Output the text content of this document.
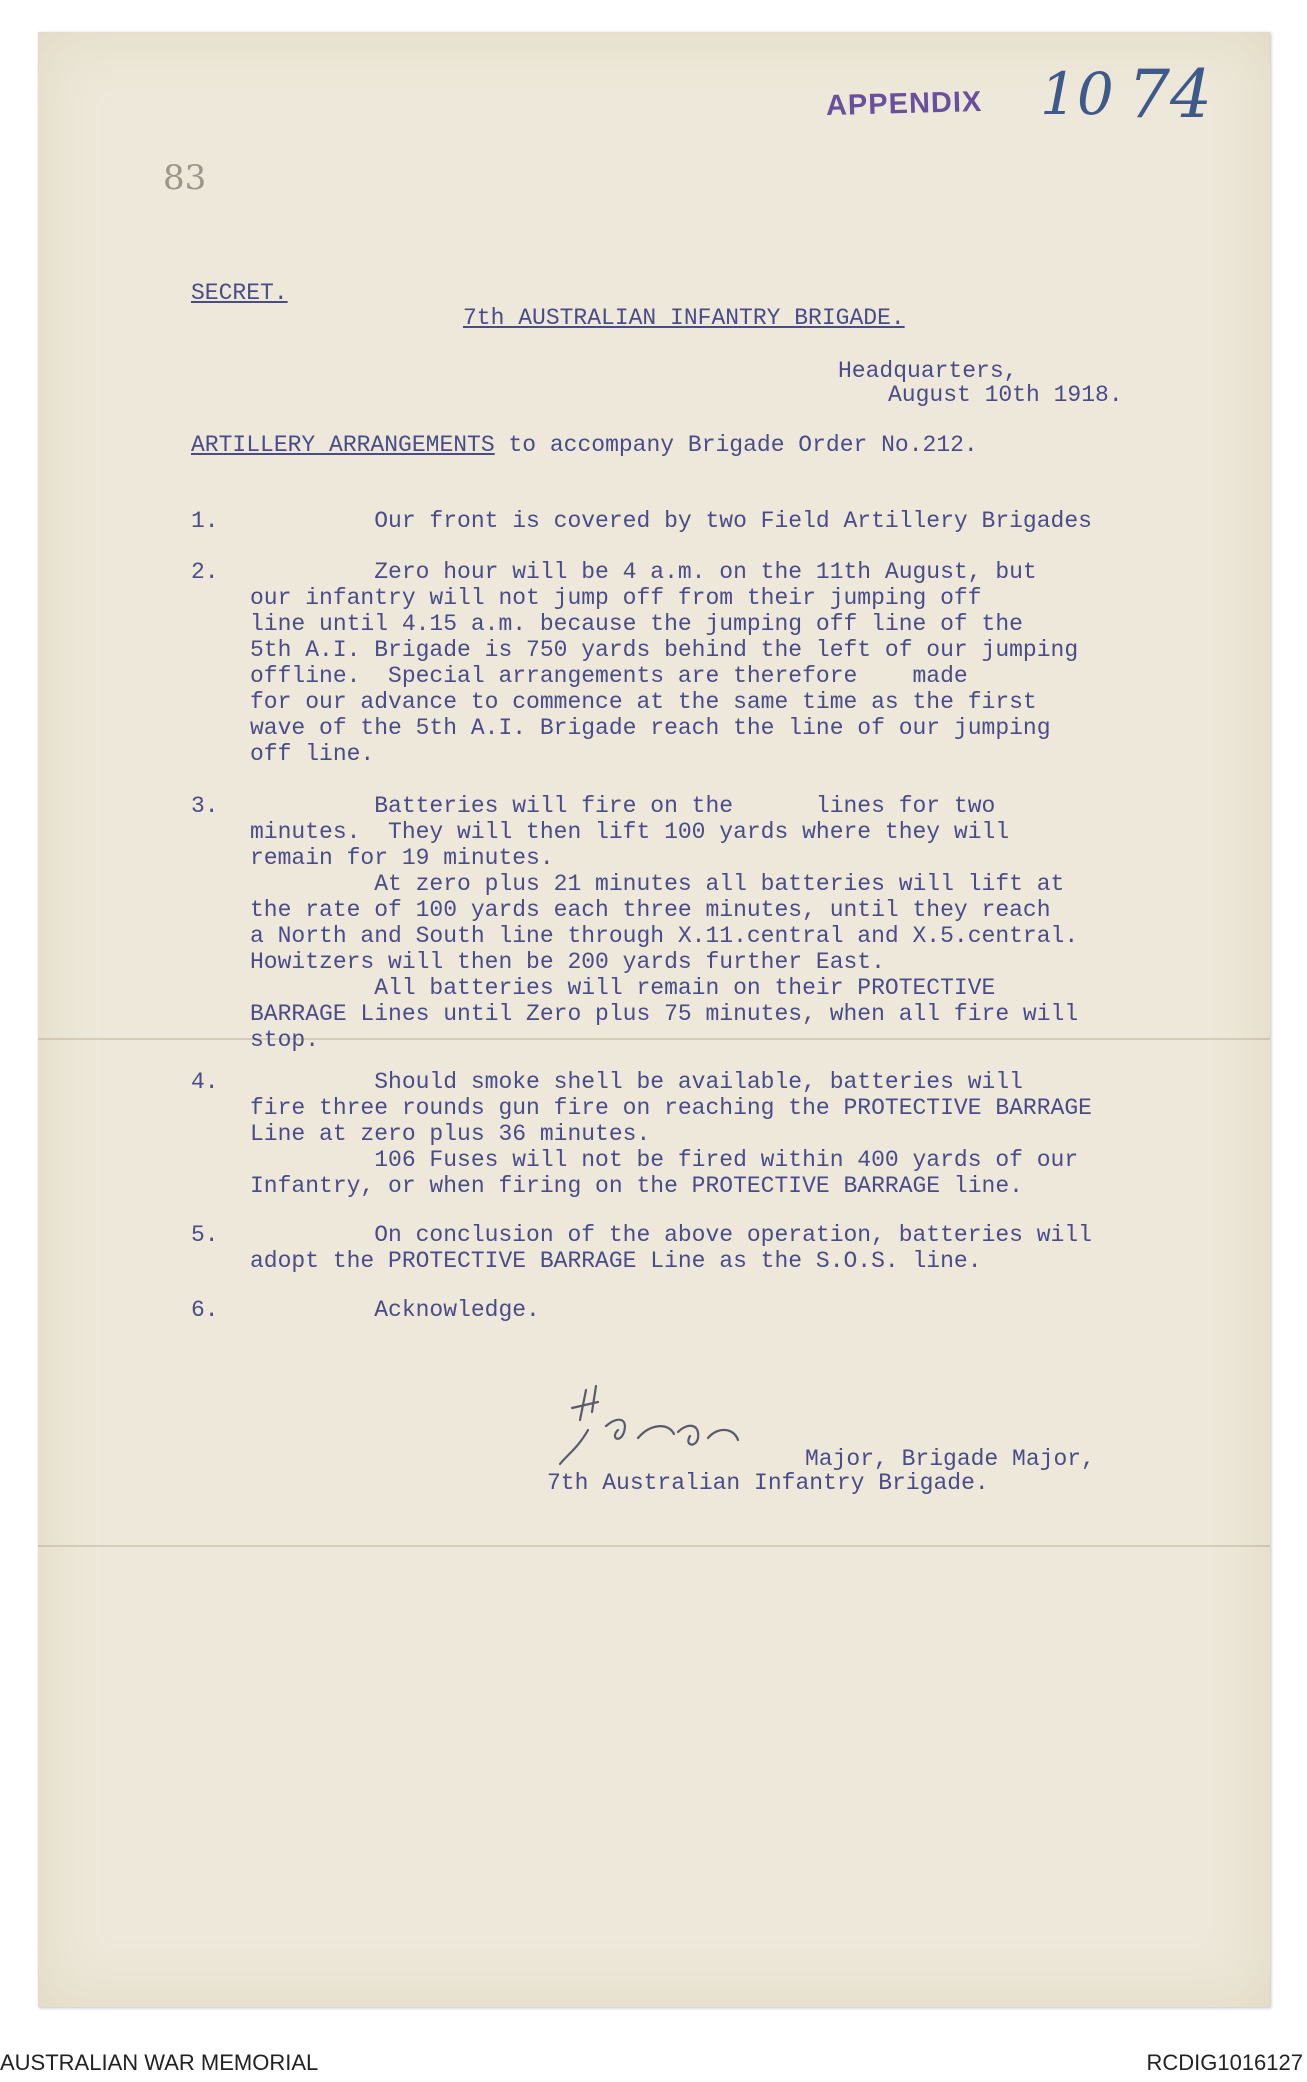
APPENDIX 10 74
83
SECRET.
7th AUSTRALIAN INFANTRY BRIGADE.
Headquarters,
August 10th 1918.
ARTILLERY ARRANGEMENTS to accompany Brigade Order No.212.
1. Our front is covered by two Field Artillery Brigades
2. Zero hour will be 4 a.m. on the 11th August, but
our infantry will not jump off from their jumping off
line until 4.15 a.m. because the jumping off line of the
5th A.I. Brigade is 750 yards behind the left of our jumping
offline.  Special arrangements are therefore    made
for our advance to commence at the same time as the first
wave of the 5th A.I. Brigade reach the line of our jumping
off line.
3. Batteries will fire on the      lines for two
minutes.  They will then lift 100 yards where they will
remain for 19 minutes.
At zero plus 21 minutes all batteries will lift at
the rate of 100 yards each three minutes, until they reach
a North and South line through X.11.central and X.5.central.
Howitzers will then be 200 yards further East.
All batteries will remain on their PROTECTIVE
BARRAGE Lines until Zero plus 75 minutes, when all fire will
stop.
4. Should smoke shell be available, batteries will
fire three rounds gun fire on reaching the PROTECTIVE BARRAGE
Line at zero plus 36 minutes.
106 Fuses will not be fired within 400 yards of our
Infantry, or when firing on the PROTECTIVE BARRAGE line.
5. On conclusion of the above operation, batteries will
adopt the PROTECTIVE BARRAGE Line as the S.O.S. line.
6. Acknowledge.
Major, Brigade Major,
7th Australian Infantry Brigade.
AUSTRALIAN WAR MEMORIAL	RCDIG1016127
